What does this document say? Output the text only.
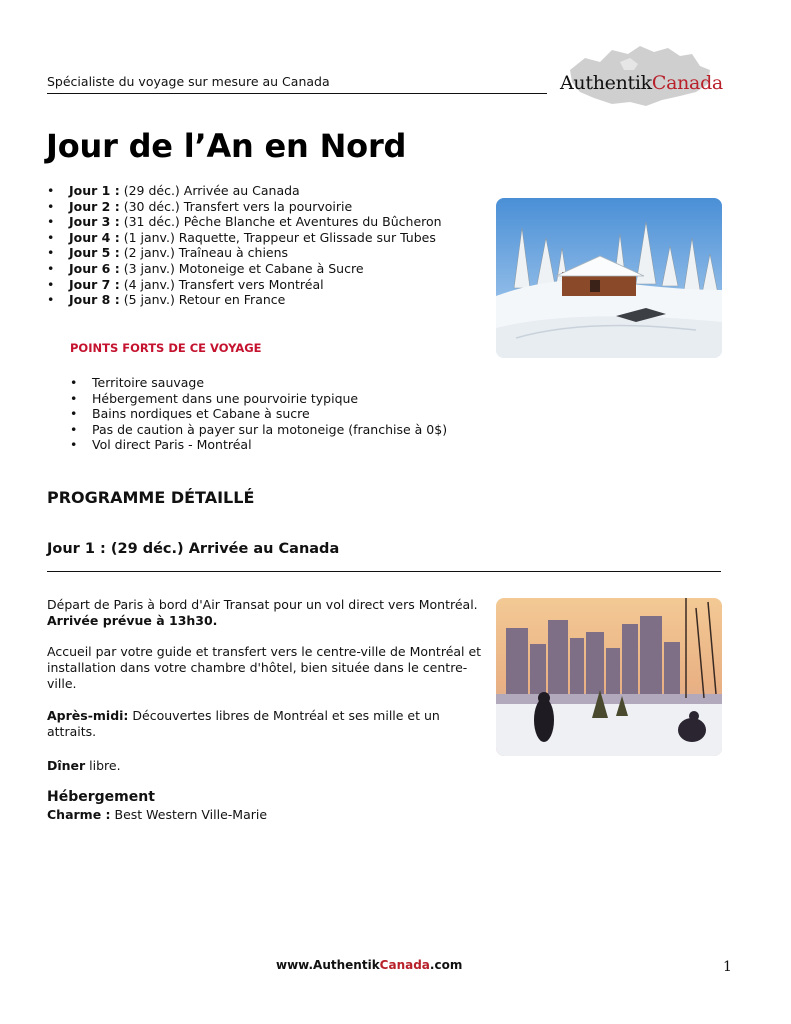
Spécialiste du voyage sur mesure au Canada	AuthentikCanada
Jour de l’An en Nord
• Jour 1 : (29 déc.) Arrivée au Canada
• Jour 2 : (30 déc.) Transfert vers la pourvoirie
• Jour 3 : (31 déc.) Pêche Blanche et Aventures du Bûcheron
• Jour 4 : (1 janv.) Raquette, Trappeur et Glissade sur Tubes
• Jour 5 : (2 janv.) Traîneau à chiens
• Jour 6 : (3 janv.) Motoneige et Cabane à Sucre
• Jour 7 : (4 janv.) Transfert vers Montréal
• Jour 8 : (5 janv.) Retour en France
POINTS FORTS DE CE VOYAGE
• Territoire sauvage
• Hébergement dans une pourvoirie typique
• Bains nordiques et Cabane à sucre
• Pas de caution à payer sur la motoneige (franchise à 0$)
• Vol direct Paris - Montréal
PROGRAMME DÉTAILLÉ
Jour 1 : (29 déc.) Arrivée au Canada
Départ de Paris à bord d'Air Transat pour un vol direct vers Montréal. Arrivée prévue à 13h30.
Accueil par votre guide et transfert vers le centre-ville de Montréal et installation dans votre chambre d'hôtel, bien située dans le centre-ville.
Après-midi: Découvertes libres de Montréal et ses mille et un attraits.
Dîner libre.
Hébergement
Charme : Best Western Ville-Marie
www.AuthentikCanada.com	1
